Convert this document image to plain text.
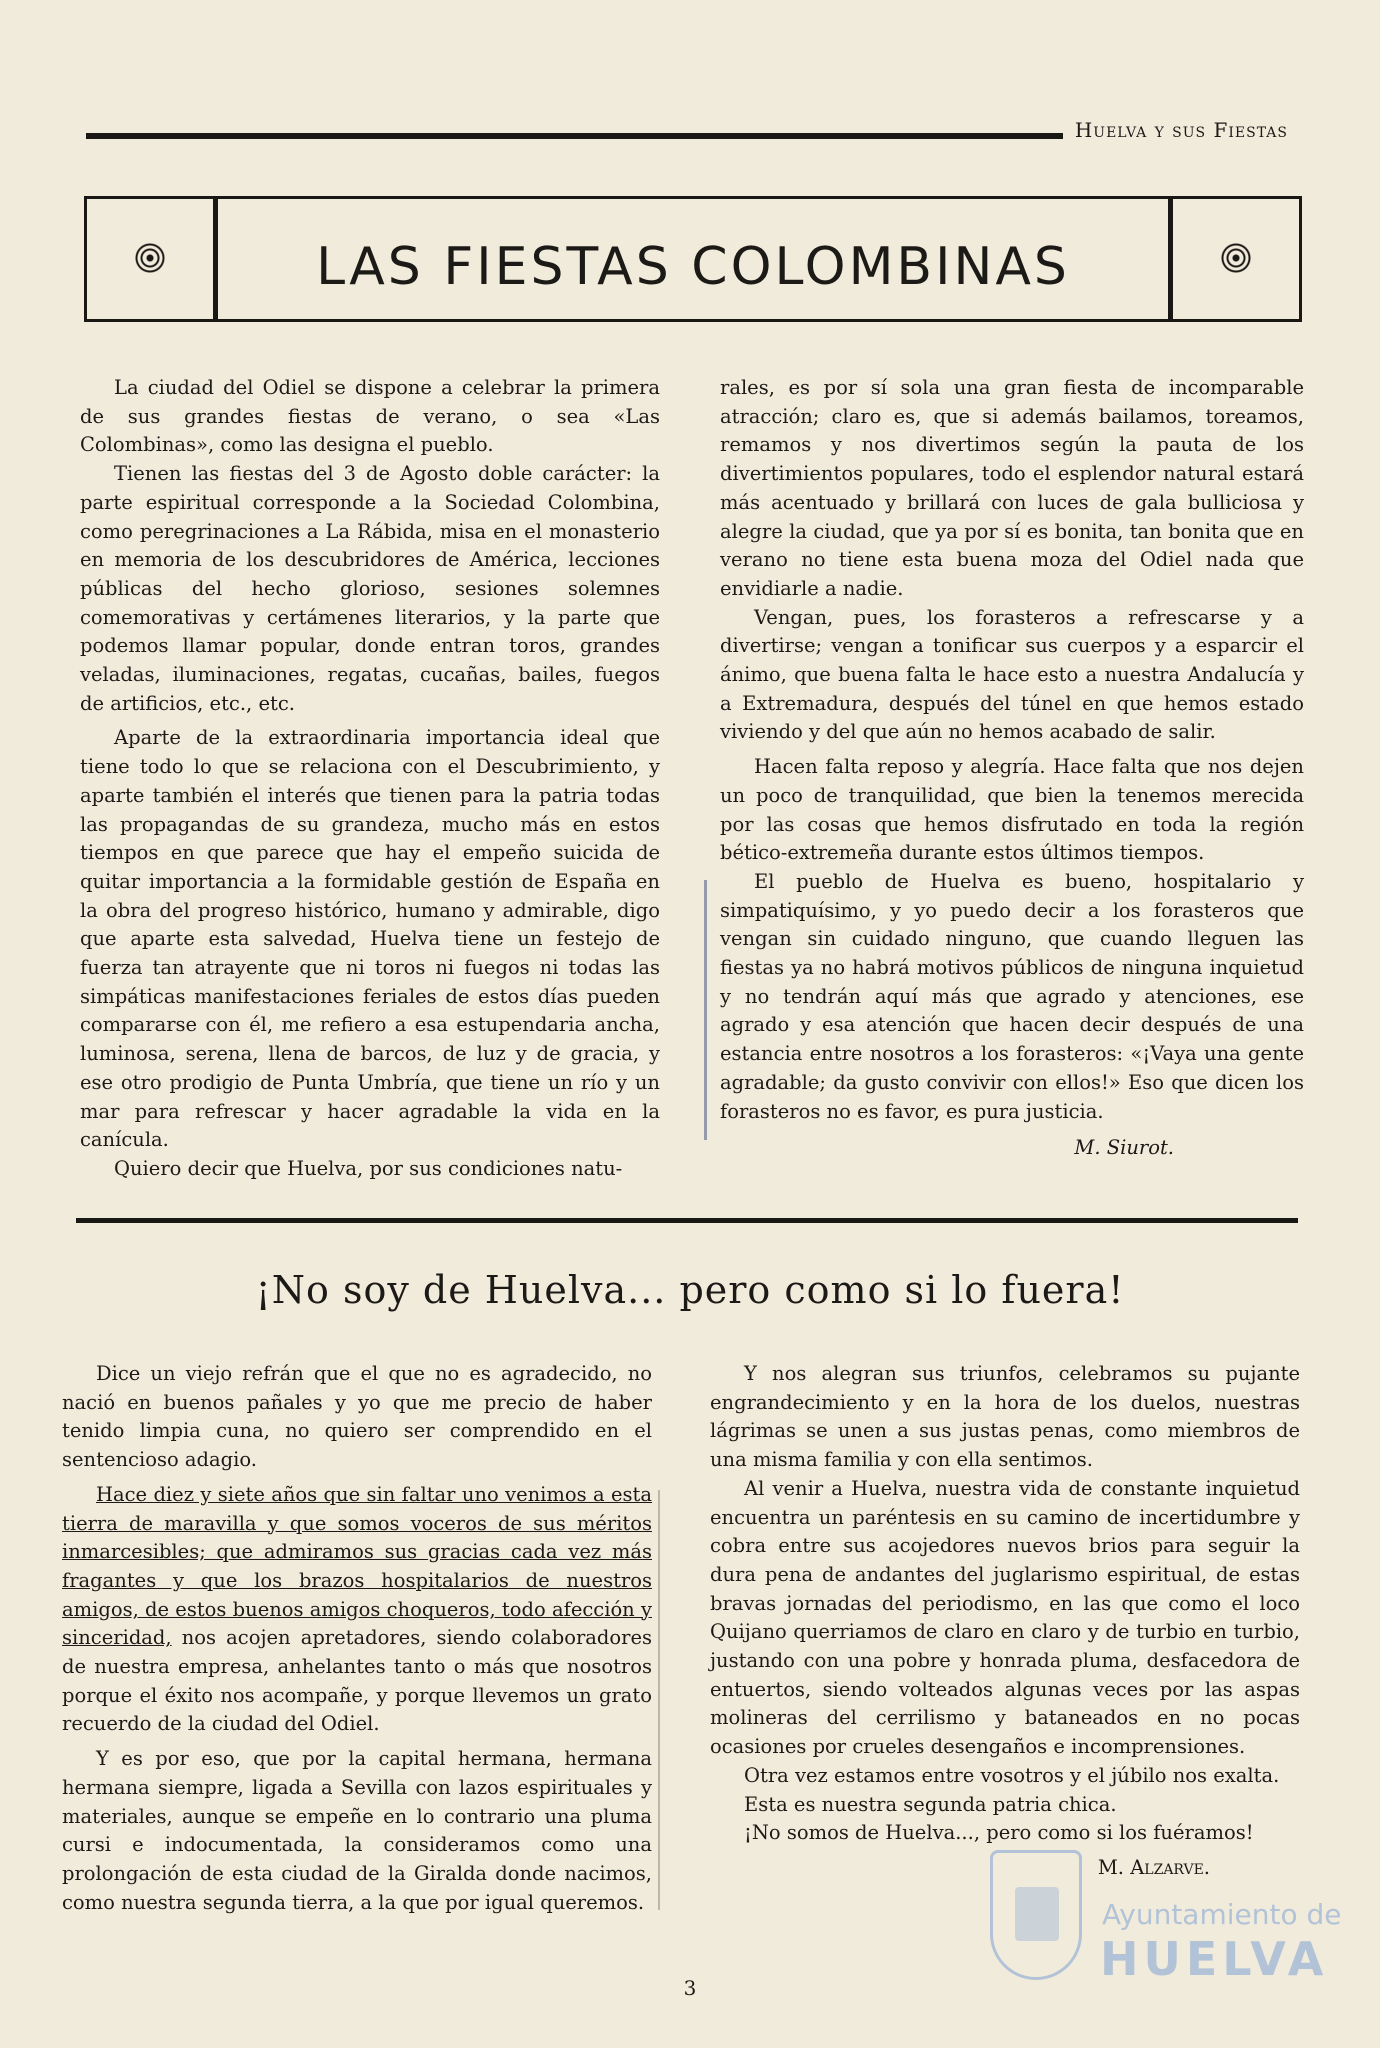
Huelva y sus Fiestas
LAS FIESTAS COLOMBINAS

La ciudad del Odiel se dispone a celebrar la primera de sus grandes fiestas de verano, o sea «Las Colombinas», como las designa el pueblo.

Tienen las fiestas del 3 de Agosto doble carácter: la parte espiritual corresponde a la Sociedad Colombina, como peregrinaciones a La Rábida, misa en el monasterio en memoria de los descubridores de América, lecciones públicas del hecho glorioso, sesiones solemnes comemorativas y certámenes literarios, y la parte que podemos llamar popular, donde entran toros, grandes veladas, iluminaciones, regatas, cucañas, bailes, fuegos de artificios, etc., etc.

Aparte de la extraordinaria importancia ideal que tiene todo lo que se relaciona con el Descubrimiento, y aparte también el interés que tienen para la patria todas las propagandas de su grandeza, mucho más en estos tiempos en que parece que hay el empeño suicida de quitar importancia a la formidable gestión de España en la obra del progreso histórico, humano y admirable, digo que aparte esta salvedad, Huelva tiene un festejo de fuerza tan atrayente que ni toros ni fuegos ni todas las simpáticas manifestaciones feriales de estos días pueden compararse con él, me refiero a esa estupendaria ancha, luminosa, serena, llena de barcos, de luz y de gracia, y ese otro prodigio de Punta Umbría, que tiene un río y un mar para refrescar y hacer agradable la vida en la canícula.

Quiero decir que Huelva, por sus condiciones natu-

rales, es por sí sola una gran fiesta de incomparable atracción; claro es, que si además bailamos, toreamos, remamos y nos divertimos según la pauta de los divertimientos populares, todo el esplendor natural estará más acentuado y brillará con luces de gala bulliciosa y alegre la ciudad, que ya por sí es bonita, tan bonita que en verano no tiene esta buena moza del Odiel nada que envidiarle a nadie.

Vengan, pues, los forasteros a refrescarse y a divertirse; vengan a tonificar sus cuerpos y a esparcir el ánimo, que buena falta le hace esto a nuestra Andalucía y a Extremadura, después del túnel en que hemos estado viviendo y del que aún no hemos acabado de salir.

Hacen falta reposo y alegría. Hace falta que nos dejen un poco de tranquilidad, que bien la tenemos merecida por las cosas que hemos disfrutado en toda la región bético-extremeña durante estos últimos tiempos.

El pueblo de Huelva es bueno, hospitalario y simpatiquísimo, y yo puedo decir a los forasteros que vengan sin cuidado ninguno, que cuando lleguen las fiestas ya no habrá motivos públicos de ninguna inquietud y no tendrán aquí más que agrado y atenciones, ese agrado y esa atención que hacen decir después de una estancia entre nosotros a los forasteros: «¡Vaya una gente agradable; da gusto convivir con ellos!» Eso que dicen los forasteros no es favor, es pura justicia.

M. Siurot.
¡No soy de Huelva... pero como si lo fuera!

Dice un viejo refrán que el que no es agradecido, no nació en buenos pañales y yo que me precio de haber tenido limpia cuna, no quiero ser comprendido en el sentencioso adagio.

Hace diez y siete años que sin faltar uno venimos a esta tierra de maravilla y que somos voceros de sus méritos inmarcesibles; que admiramos sus gracias cada vez más fragantes y que los brazos hospitalarios de nuestros amigos, de estos buenos amigos choqueros, todo afección y sinceridad, nos acojen apretadores, siendo colaboradores de nuestra empresa, anhelantes tanto o más que nosotros porque el éxito nos acompañe, y porque llevemos un grato recuerdo de la ciudad del Odiel.

Y es por eso, que por la capital hermana, hermana hermana siempre, ligada a Sevilla con lazos espirituales y materiales, aunque se empeñe en lo contrario una pluma cursi e indocumentada, la consideramos como una prolongación de esta ciudad de la Giralda donde nacimos, como nuestra segunda tierra, a la que por igual queremos.

Y nos alegran sus triunfos, celebramos su pujante engrandecimiento y en la hora de los duelos, nuestras lágrimas se unen a sus justas penas, como miembros de una misma familia y con ella sentimos.

Al venir a Huelva, nuestra vida de constante inquietud encuentra un paréntesis en su camino de incertidumbre y cobra entre sus acojedores nuevos brios para seguir la dura pena de andantes del juglarismo espiritual, de estas bravas jornadas del periodismo, en las que como el loco Quijano querriamos de claro en claro y de turbio en turbio, justando con una pobre y honrada pluma, desfacedora de entuertos, siendo volteados algunas veces por las aspas molineras del cerrilismo y bataneados en no pocas ocasiones por crueles desengaños e incomprensiones.

Otra vez estamos entre vosotros y el júbilo nos exalta.

Esta es nuestra segunda patria chica.

¡No somos de Huelva..., pero como si los fuéramos!

M. Alzarve.
3
Ayuntamiento de
HUELVA
